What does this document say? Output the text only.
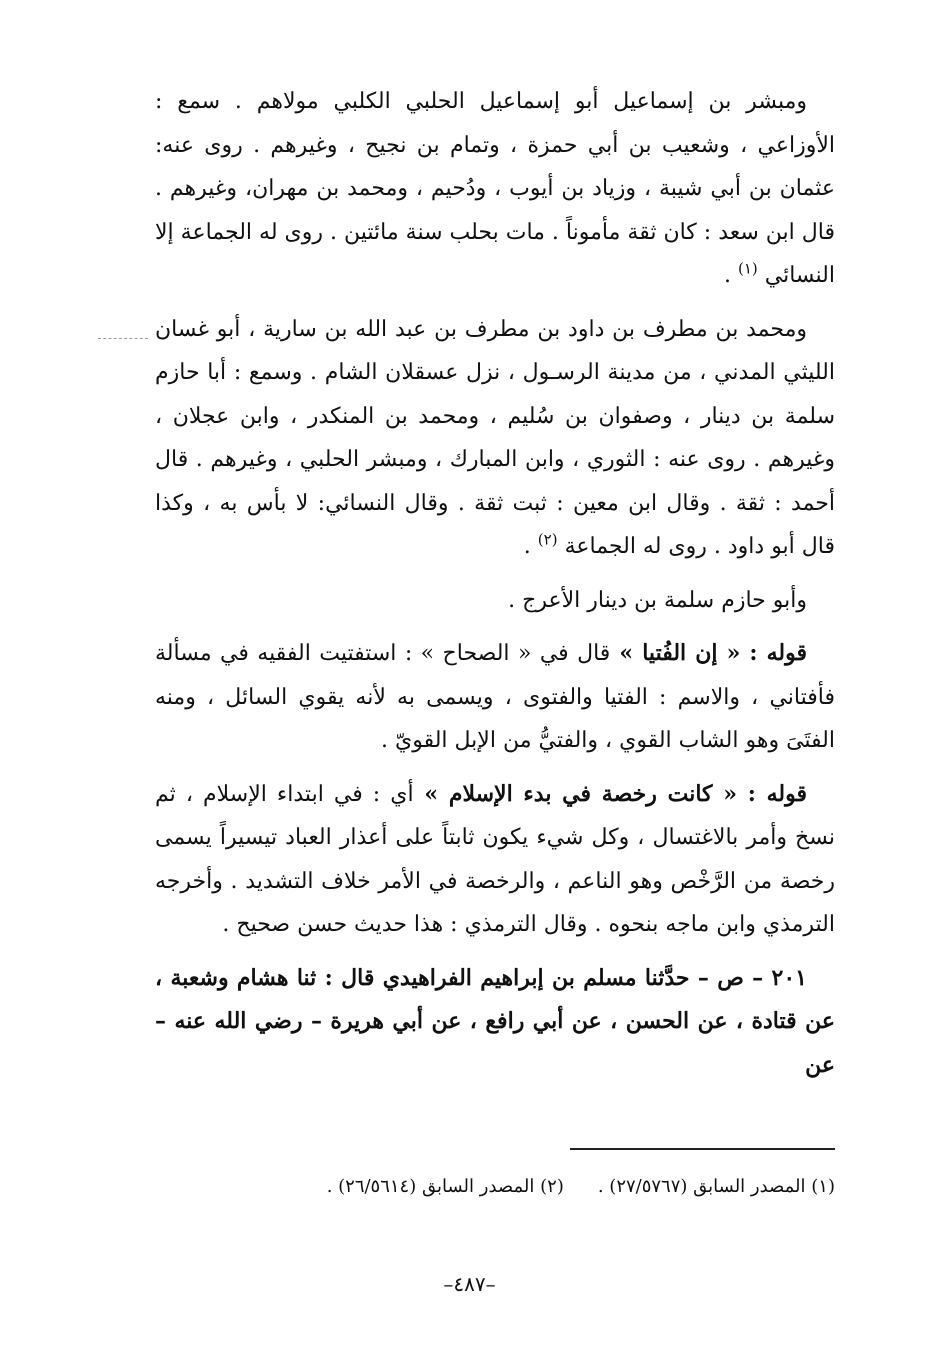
ومبشر بن إسماعيل أبو إسماعيل الحلبي الكلبي مولاهم . سمع : الأوزاعي ، وشعيب بن أبي حمزة ، وتمام بن نجيح ، وغيرهم . روى عنه: عثمان بن أبي شيبة ، وزياد بن أيوب ، ودُحيم ، ومحمد بن مهران، وغيرهم . قال ابن سعد : كان ثقة مأموناً . مات بحلب سنة مائتين . روى له الجماعة إلا النسائي $^{(١)}$ .

ومحمد بن مطرف بن داود بن مطرف بن عبد الله بن سارية ، أبو غسان الليثي المدني ، من مدينة الرسـول ، نزل عسقلان الشام . وسمع : أبا حازم سلمة بن دينار ، وصفوان بن سُليم ، ومحمد بن المنكدر ، وابن عجلان ، وغيرهم . روى عنه : الثوري ، وابن المبارك ، ومبشر الحلبي ، وغيرهم . قال أحمد : ثقة . وقال ابن معين : ثبت ثقة . وقال النسائي: لا بأس به ، وكذا قال أبو داود . روى له الجماعة $^{(٢)}$ .

وأبو حازم سلمة بن دينار الأعرج .

قوله : « إن الفُتيا » قال في « الصحاح » : استفتيت الفقيه في مسألة فأفتاني ، والاسم : الفتيا والفتوى ، ويسمى به لأنه يقوي السائل ، ومنه الفتَىَ وهو الشاب القوي ، والفتيُّ من الإبل القويّ .

قوله : « كانت رخصة في بدء الإسلام » أي : في ابتداء الإسلام ، ثم نسخ وأمر بالاغتسال ، وكل شيء يكون ثابتاً على أعذار العباد تيسيراً يسمى رخصة من الرَّخْص وهو الناعم ، والرخصة في الأمر خلاف التشديد . وأخرجه الترمذي وابن ماجه بنحوه . وقال الترمذي : هذا حديث حسن صحيح .

٢٠١ – ص – حدَّثنا مسلم بن إبراهيم الفراهيدي قال : ثنا هشام وشعبة ، عن قتادة ، عن الحسن ، عن أبي رافع ، عن أبي هريرة – رضي الله عنه – عن

(١) المصدر السابق (٢٧/٥٧٦٧) .
(٢) المصدر السابق (٢٦/٥٦١٤) .
–٤٨٧–
